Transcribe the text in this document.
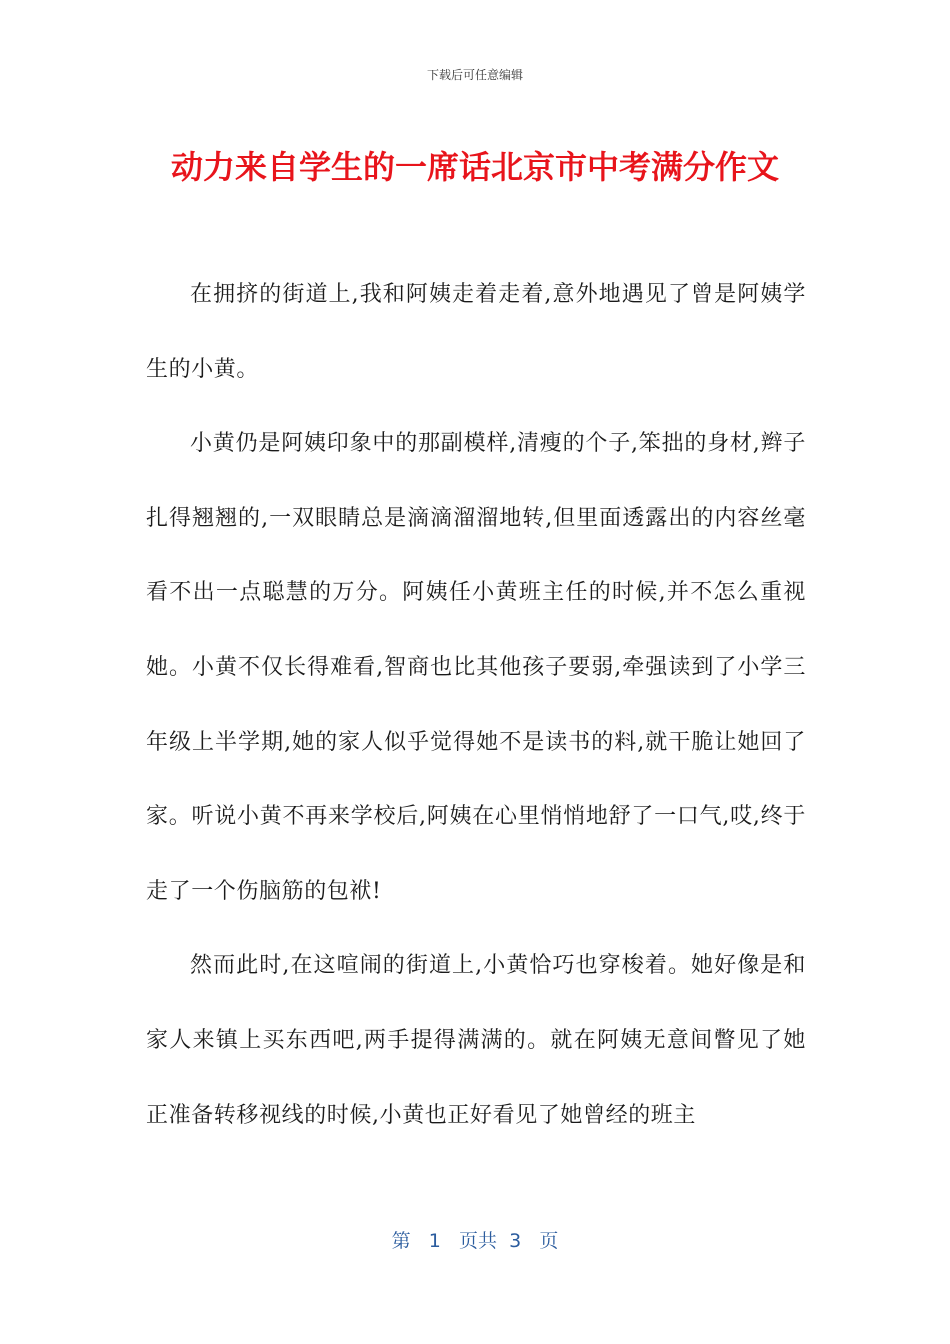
下载后可任意编辑
动力来自学生的一席话北京市中考满分作文

在拥挤的街道上,我和阿姨走着走着,意外地遇见了曾是阿姨学生的小黄。

小黄仍是阿姨印象中的那副模样,清瘦的个子,笨拙的身材,辫子扎得翘翘的,一双眼睛总是滴滴溜溜地转,但里面透露出的内容丝毫看不出一点聪慧的万分。阿姨任小黄班主任的时候,并不怎么重视她。小黄不仅长得难看,智商也比其他孩子要弱,牵强读到了小学三年级上半学期,她的家人似乎觉得她不是读书的料,就干脆让她回了家。听说小黄不再来学校后,阿姨在心里悄悄地舒了一口气,哎,终于走了一个伤脑筋的包袱!

然而此时,在这喧闹的街道上,小黄恰巧也穿梭着。她好像是和家人来镇上买东西吧,两手提得满满的。就在阿姨无意间瞥见了她正准备转移视线的时候,小黄也正好看见了她曾经的班主

第 1 页共 3 页
